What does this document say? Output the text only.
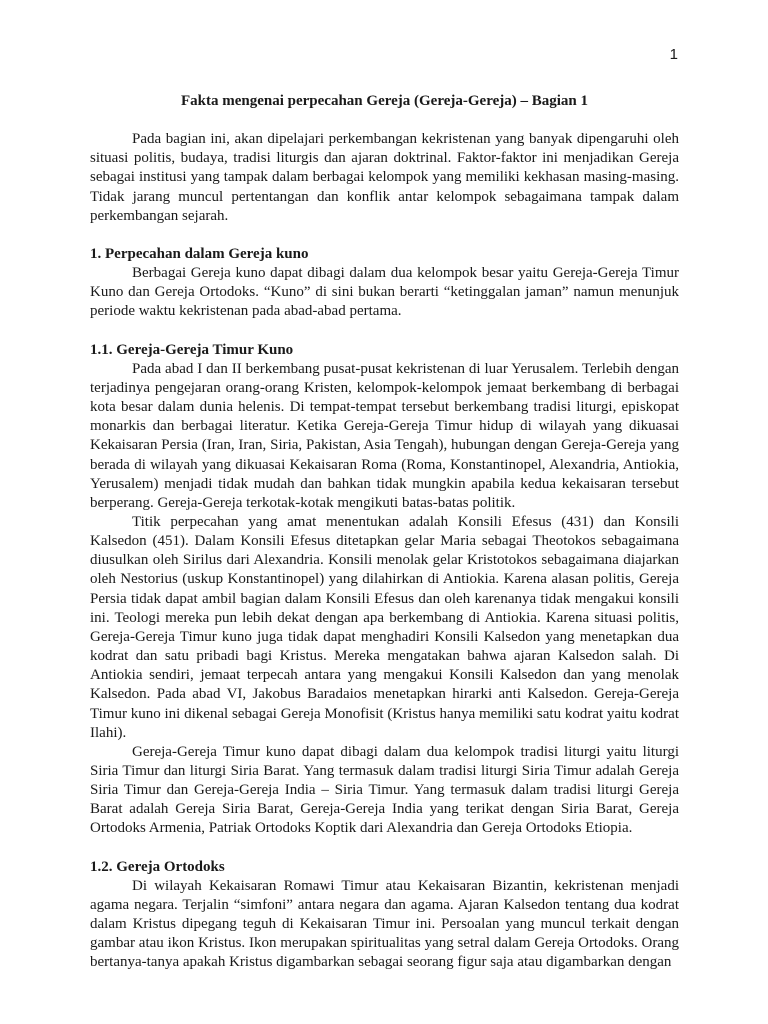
1

Fakta mengenai perpecahan Gereja (Gereja-Gereja) – Bagian 1

Pada bagian ini, akan dipelajari perkembangan kekristenan yang banyak dipengaruhi oleh situasi politis, budaya, tradisi liturgis dan ajaran doktrinal. Faktor-faktor ini menjadikan Gereja sebagai institusi yang tampak dalam berbagai kelompok yang memiliki kekhasan masing-masing. Tidak jarang muncul pertentangan dan konflik antar kelompok sebagaimana tampak dalam perkembangan sejarah.

1. Perpecahan dalam Gereja kuno

Berbagai Gereja kuno dapat dibagi dalam dua kelompok besar yaitu Gereja-Gereja Timur Kuno dan Gereja Ortodoks. “Kuno” di sini bukan berarti “ketinggalan jaman” namun menunjuk periode waktu kekristenan pada abad-abad pertama.

1.1. Gereja-Gereja Timur Kuno

Pada abad I dan II berkembang pusat-pusat kekristenan di luar Yerusalem. Terlebih dengan terjadinya pengejaran orang-orang Kristen, kelompok-kelompok jemaat berkembang di berbagai kota besar dalam dunia helenis. Di tempat-tempat tersebut berkembang tradisi liturgi, episkopat monarkis dan berbagai literatur. Ketika Gereja-Gereja Timur hidup di wilayah yang dikuasai Kekaisaran Persia (Iran, Iran, Siria, Pakistan, Asia Tengah), hubungan dengan Gereja-Gereja yang berada di wilayah yang dikuasai Kekaisaran Roma (Roma, Konstantinopel, Alexandria, Antiokia, Yerusalem) menjadi tidak mudah dan bahkan tidak mungkin apabila kedua kekaisaran tersebut berperang. Gereja-Gereja terkotak-kotak mengikuti batas-batas politik.

Titik perpecahan yang amat menentukan adalah Konsili Efesus (431) dan Konsili Kalsedon (451). Dalam Konsili Efesus ditetapkan gelar Maria sebagai Theotokos sebagaimana diusulkan oleh Sirilus dari Alexandria. Konsili menolak gelar Kristotokos sebagaimana diajarkan oleh Nestorius (uskup Konstantinopel) yang dilahirkan di Antiokia. Karena alasan politis, Gereja Persia tidak dapat ambil bagian dalam Konsili Efesus dan oleh karenanya tidak mengakui konsili ini. Teologi mereka pun lebih dekat dengan apa berkembang di Antiokia. Karena situasi politis, Gereja-Gereja Timur kuno juga tidak dapat menghadiri Konsili Kalsedon yang menetapkan dua kodrat dan satu pribadi bagi Kristus. Mereka mengatakan bahwa ajaran Kalsedon salah. Di Antiokia sendiri, jemaat terpecah antara yang mengakui Konsili Kalsedon dan yang menolak Kalsedon. Pada abad VI, Jakobus Baradaios menetapkan hirarki anti Kalsedon. Gereja-Gereja Timur kuno ini dikenal sebagai Gereja Monofisit (Kristus hanya memiliki satu kodrat yaitu kodrat Ilahi).

Gereja-Gereja Timur kuno dapat dibagi dalam dua kelompok tradisi liturgi yaitu liturgi Siria Timur dan liturgi Siria Barat. Yang termasuk dalam tradisi liturgi Siria Timur adalah Gereja Siria Timur dan Gereja-Gereja India – Siria Timur. Yang termasuk dalam tradisi liturgi Gereja Barat adalah Gereja Siria Barat, Gereja-Gereja India yang terikat dengan Siria Barat, Gereja Ortodoks Armenia, Patriak Ortodoks Koptik dari Alexandria dan Gereja Ortodoks Etiopia.

1.2. Gereja Ortodoks

Di wilayah Kekaisaran Romawi Timur atau Kekaisaran Bizantin, kekristenan menjadi agama negara. Terjalin “simfoni” antara negara dan agama. Ajaran Kalsedon tentang dua kodrat dalam Kristus dipegang teguh di Kekaisaran Timur ini. Persoalan yang muncul terkait dengan gambar atau ikon Kristus. Ikon merupakan spiritualitas yang setral dalam Gereja Ortodoks. Orang bertanya-tanya apakah Kristus digambarkan sebagai seorang figur saja atau digambarkan dengan
